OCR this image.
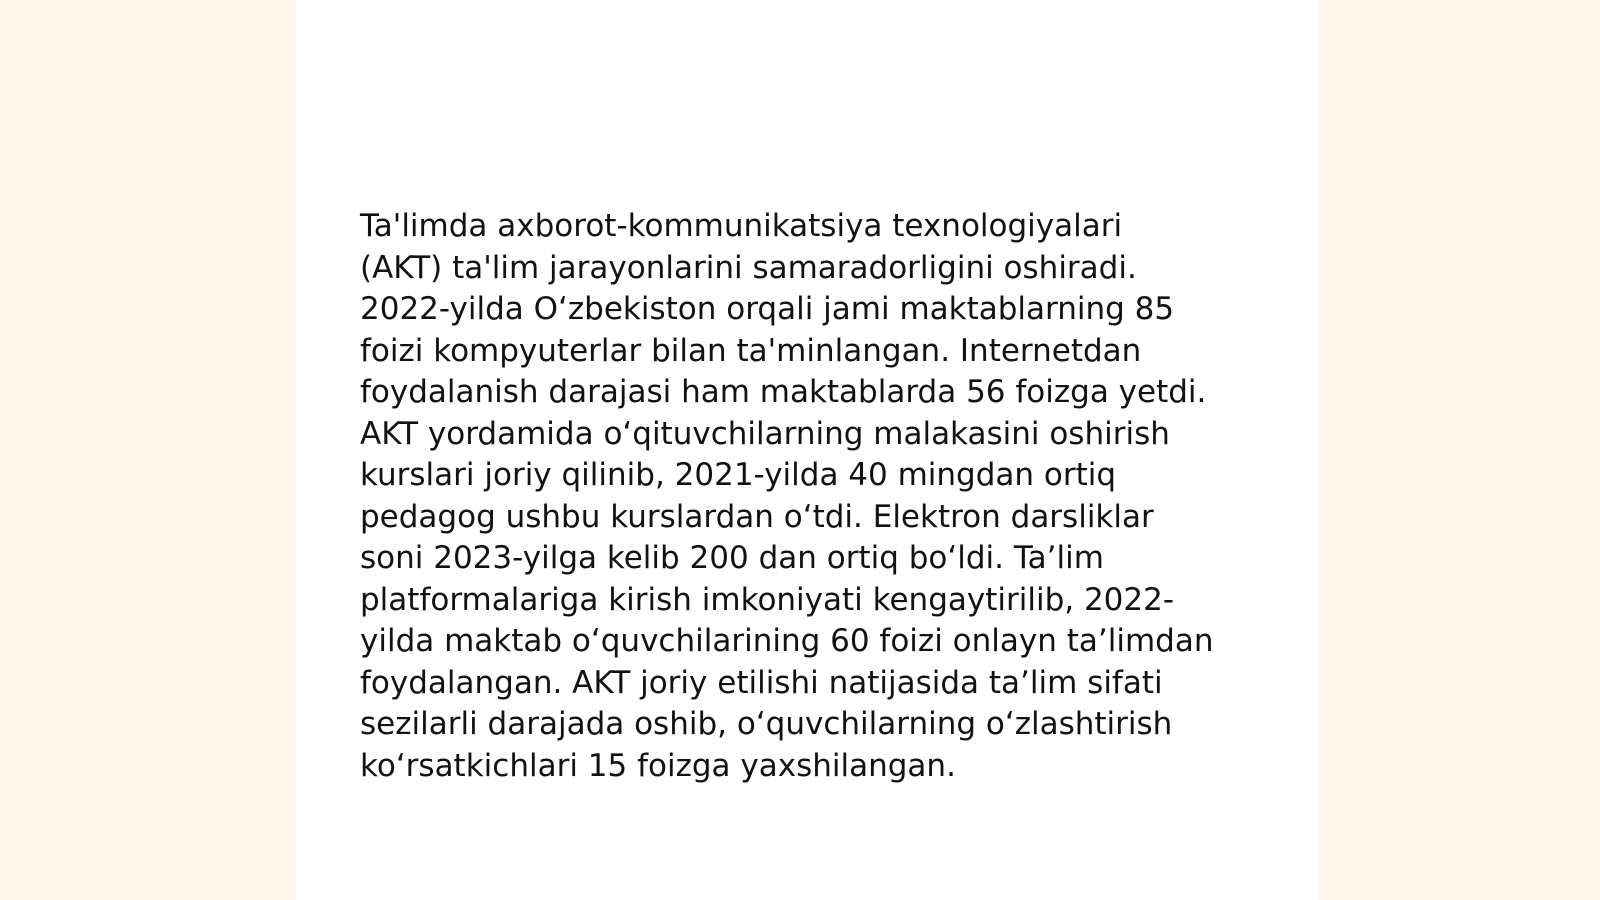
Ta'limda axborot-kommunikatsiya texnologiyalari
(AKT) ta'lim jarayonlarini samaradorligini oshiradi.
2022-yilda O‘zbekiston orqali jami maktablarning 85
foizi kompyuterlar bilan ta'minlangan. Internetdan
foydalanish darajasi ham maktablarda 56 foizga yetdi.
AKT yordamida o‘qituvchilarning malakasini oshirish
kurslari joriy qilinib, 2021-yilda 40 mingdan ortiq
pedagog ushbu kurslardan o‘tdi. Elektron darsliklar
soni 2023-yilga kelib 200 dan ortiq bo‘ldi. Ta’lim
platformalariga kirish imkoniyati kengaytirilib, 2022-
yilda maktab o‘quvchilarining 60 foizi onlayn ta’limdan
foydalangan. AKT joriy etilishi natijasida ta’lim sifati
sezilarli darajada oshib, o‘quvchilarning o‘zlashtirish
ko‘rsatkichlari 15 foizga yaxshilangan.
